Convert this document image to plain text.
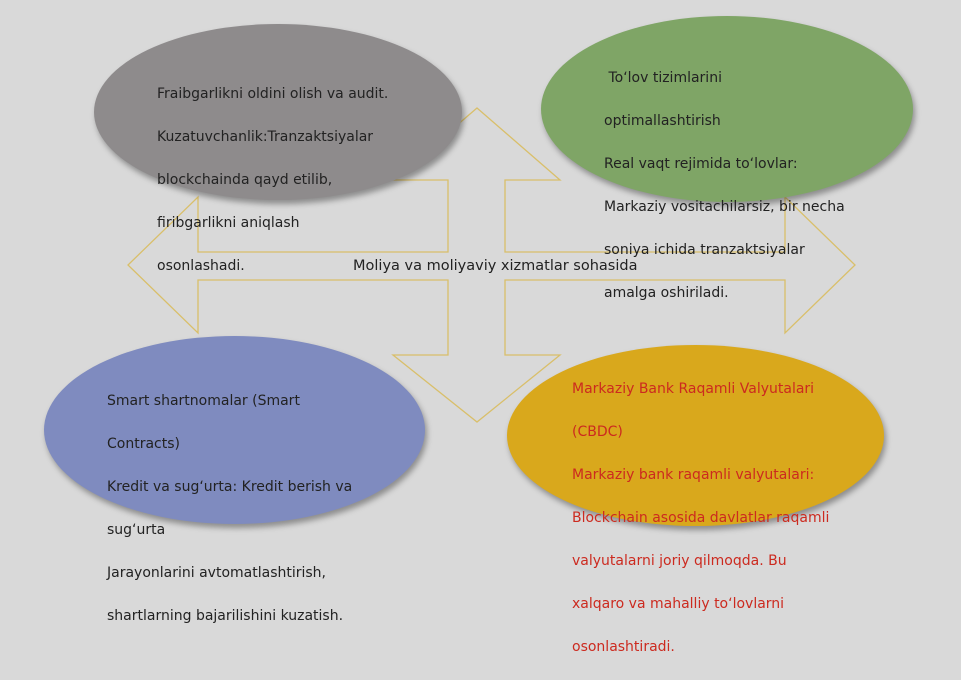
Fraibgarlikni oldini olish va audit.

Kuzatuvchanlik:Tranzaktsiyalar

blockchainda qayd etilib,

firibgarlikni aniqlash

osonlashadi.

To‘lov tizimlarini

optimallashtirish

Real vaqt rejimida to‘lovlar:

Markaziy vositachilarsiz, bir necha

soniya ichida tranzaktsiyalar

amalga oshiriladi.

Smart shartnomalar (Smart

Contracts)

Kredit va sug‘urta: Kredit berish va

sug‘urta

Jarayonlarini avtomatlashtirish,

shartlarning bajarilishini kuzatish.

Markaziy Bank Raqamli Valyutalari

(CBDC)

Markaziy bank raqamli valyutalari:

Blockchain asosida davlatlar raqamli

valyutalarni joriy qilmoqda. Bu

xalqaro va mahalliy to‘lovlarni

osonlashtiradi.

Moliya va moliyaviy xizmatlar sohasida
